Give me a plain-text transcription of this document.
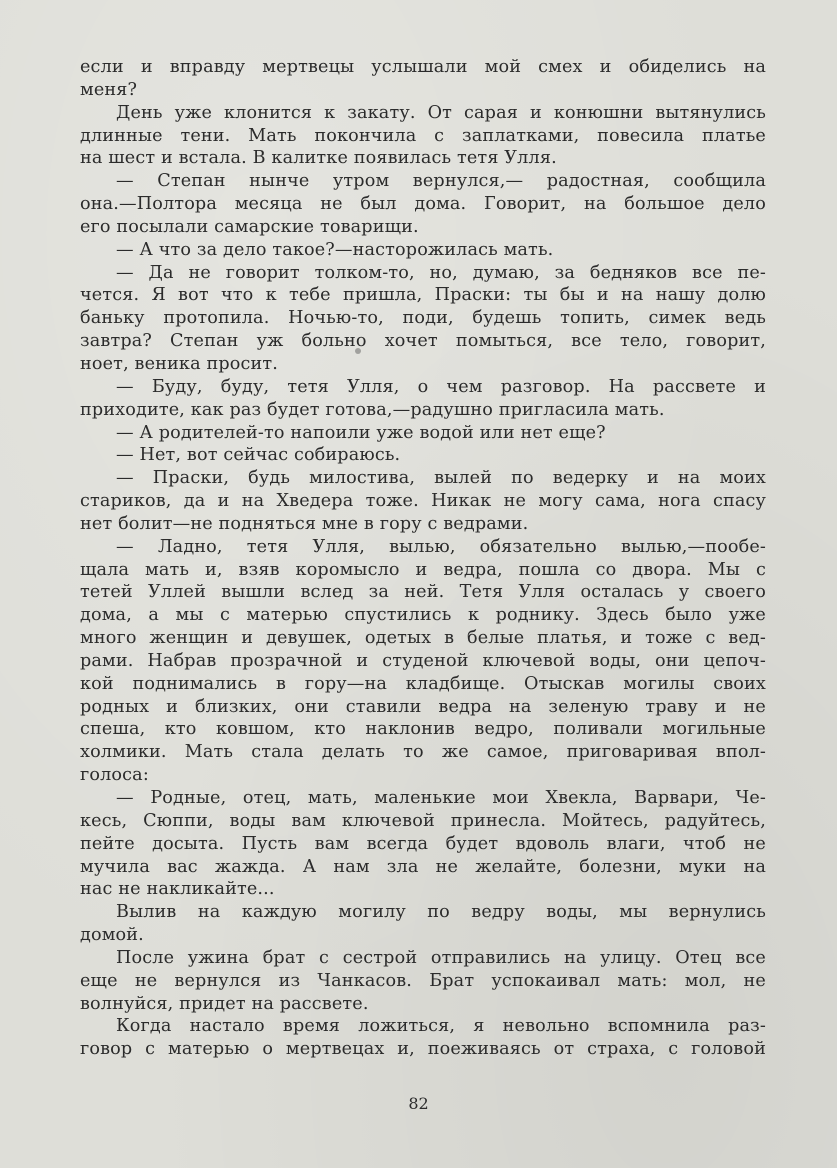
если и вправду мертвецы услышали мой смех и обиделись на
меня?
День уже клонится к закату. От сарая и конюшни вытянулись
длинные тени. Мать покончила с заплатками, повесила платье
на шест и встала. В калитке появилась тетя Улля.
— Степан нынче утром вернулся,— радостная, сообщила
она.—Полтора месяца не был дома. Говорит, на большое дело
его посылали самарские товарищи.
— А что за дело такое?—насторожилась мать.
— Да не говорит толком-то, но, думаю, за бедняков все пе-
чется. Я вот что к тебе пришла, Праски: ты бы и на нашу долю
баньку протопила. Ночью-то, поди, будешь топить, симек ведь
завтра? Степан уж больно хочет помыться, все тело, говорит,
ноет, веника просит.
— Буду, буду, тетя Улля, о чем разговор. На рассвете и
приходите, как раз будет готова,—радушно пригласила мать.
— А родителей-то напоили уже водой или нет еще?
— Нет, вот сейчас собираюсь.
— Праски, будь милостива, вылей по ведерку и на моих
стариков, да и на Хведера тоже. Никак не могу сама, нога спасу
нет болит—не подняться мне в гору с ведрами.
— Ладно, тетя Улля, вылью, обязательно вылью,—пообе-
щала мать и, взяв коромысло и ведра, пошла со двора. Мы с
тетей Уллей вышли вслед за ней. Тетя Улля осталась у своего
дома, а мы с матерью спустились к роднику. Здесь было уже
много женщин и девушек, одетых в белые платья, и тоже с вед-
рами. Набрав прозрачной и студеной ключевой воды, они цепоч-
кой поднимались в гору—на кладбище. Отыскав могилы своих
родных и близких, они ставили ведра на зеленую траву и не
спеша, кто ковшом, кто наклонив ведро, поливали могильные
холмики. Мать стала делать то же самое, приговаривая впол-
голоса:
— Родные, отец, мать, маленькие мои Хвекла, Варвари, Че-
кесь, Сюппи, воды вам ключевой принесла. Мойтесь, радуйтесь,
пейте досыта. Пусть вам всегда будет вдоволь влаги, чтоб не
мучила вас жажда. А нам зла не желайте, болезни, муки на
нас не накликайте...
Вылив на каждую могилу по ведру воды, мы вернулись
домой.
После ужина брат с сестрой отправились на улицу. Отец все
еще не вернулся из Чанкасов. Брат успокаивал мать: мол, не
волнуйся, придет на рассвете.
Когда настало время ложиться, я невольно вспомнила раз-
говор с матерью о мертвецах и, поеживаясь от страха, с головой
82
